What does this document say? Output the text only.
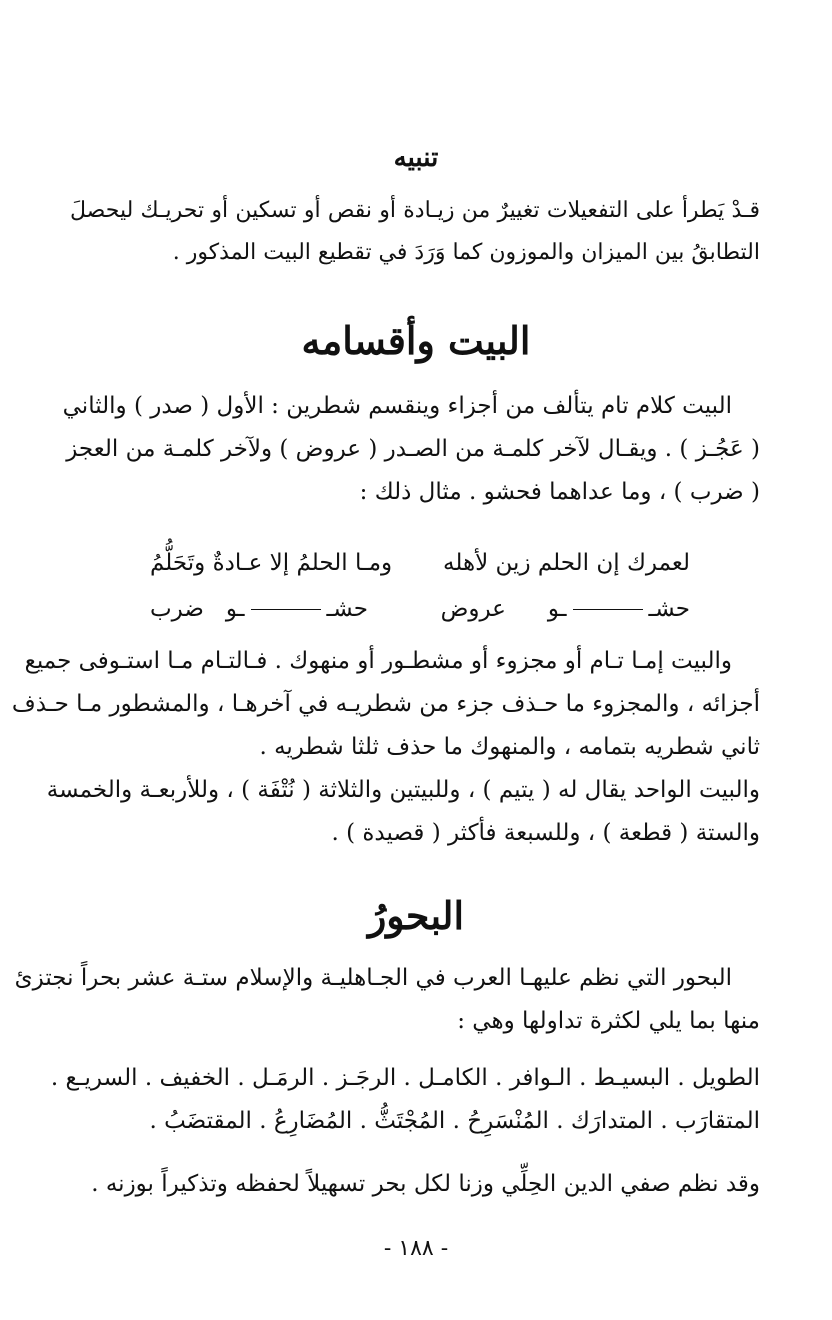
تنبيه
قـدْ يَطرأ على التفعيلات تغييرٌ من زيـادة أو نقص أو تسكين أو تحريـك ليحصلَ
التطابقُ بين الميزان والموزون كما وَرَدَ في تقطيع البيت المذكور .
البيت وأقسامه
البيت كلام تام يتألف من أجزاء وينقسم شطرين : الأول ( صدر ) والثاني
( عَجُـز ) . ويقـال لآخر كلمـة من الصـدر ( عروض ) ولآخر كلمـة من العجز
( ضرب ) ، وما عداهما فحشو . مثال ذلك :
لعمرك إن الحلم زين لأهله
ومـا الحلمُ إلا عـادةٌ وتَحَلُّمُ
حشـ
ـو
عروض
حشـ
ـو
ضرب
والبيت إمـا تـام أو مجزوء أو مشطـور أو منهوك . فـالتـام مـا استـوفى جميع
أجزائه ، والمجزوء ما حـذف جزء من شطريـه في آخرهـا ، والمشطور مـا حـذف
ثاني شطريه بتمامه ، والمنهوك ما حذف ثلثا شطريه .
والبيت الواحد يقال له ( يتيم ) ، وللبيتين والثلاثة ( نُتْفَة ) ، وللأربعـة والخمسة
والستة ( قطعة ) ، وللسبعة فأكثر ( قصيدة ) .
البحورُ
البحور التي نظم عليهـا العرب في الجـاهليـة والإسلام ستـة عشر بحراً نجتزئ
منها بما يلي لكثرة تداولها وهي :
الطويل . البسيـط . الـوافر . الكامـل . الرجَـز . الرمَـل . الخفيف . السريـع .
المتقارَب . المتدارَك . المُنْسَرِحُ . المُجْتَثُّ . المُضَارِعُ . المقتضَبُ .
وقد نظم صفي الدين الحِلِّي وزنا لكل بحر تسهيلاً لحفظه وتذكيراً بوزنه .
- ١٨٨ -
